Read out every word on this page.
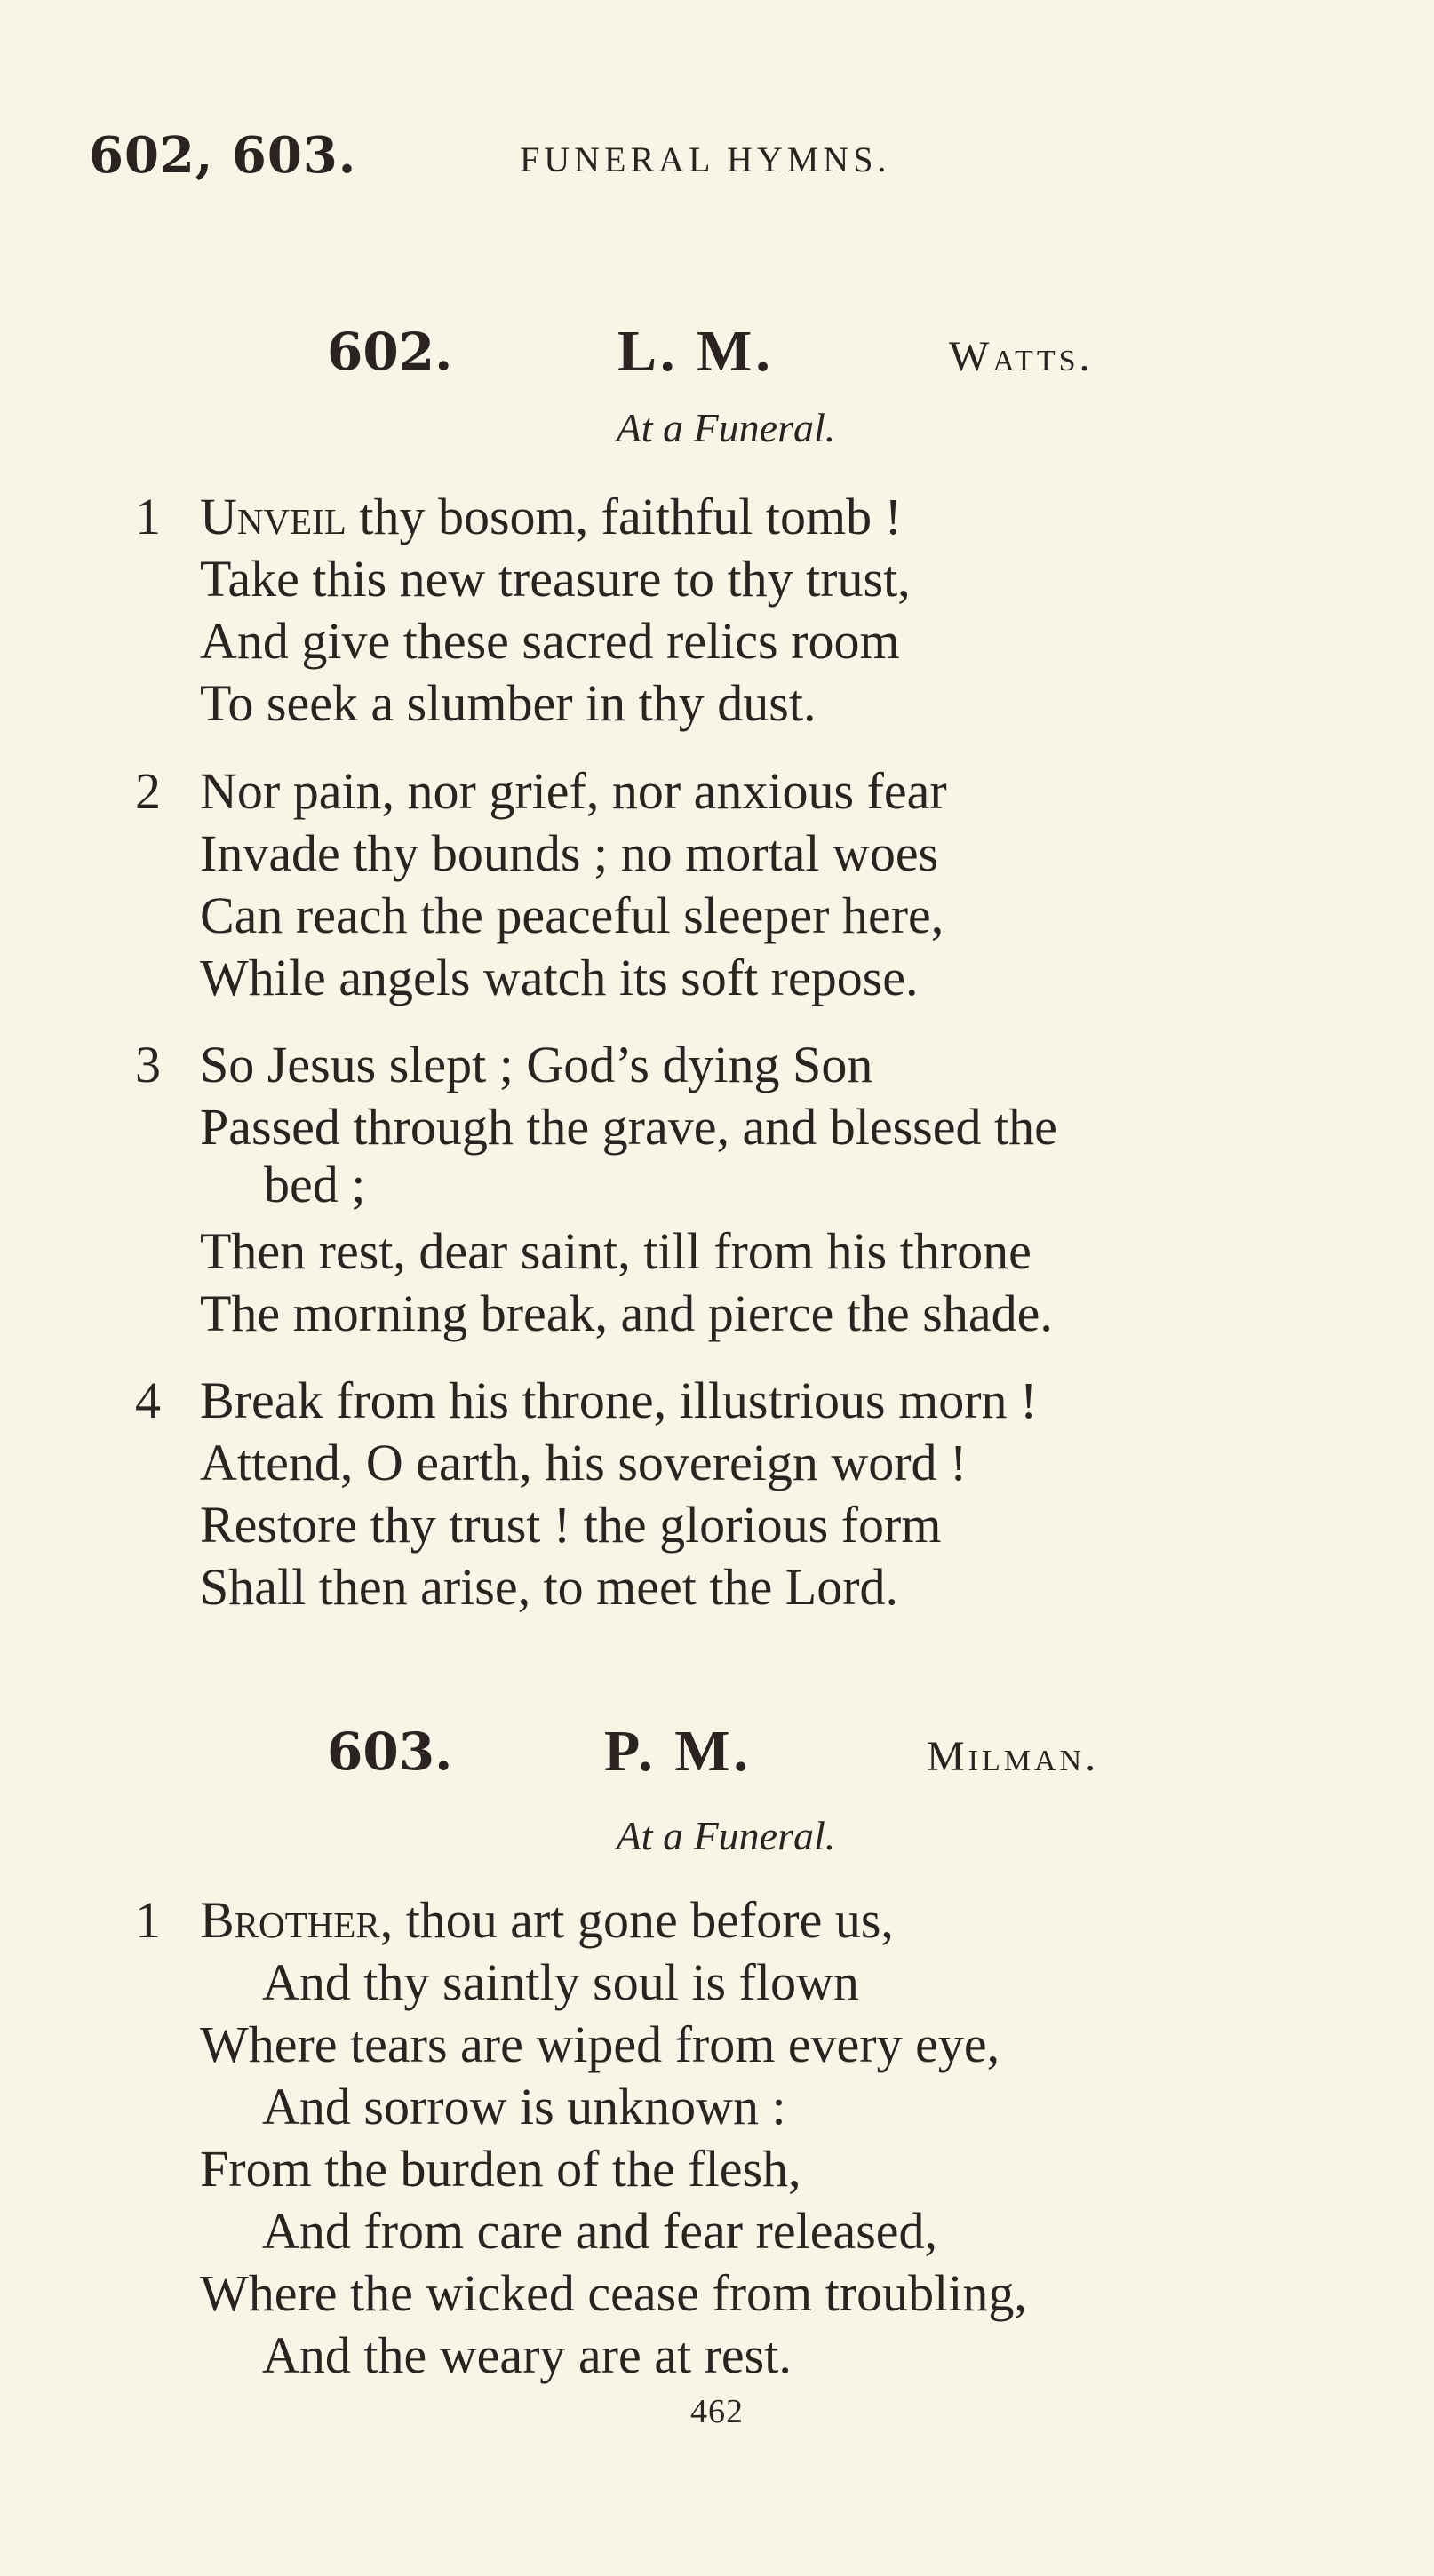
602, 603.	FUNERAL HYMNS.
602.	L. M.	Watts.
At a Funeral.
1 Unveil thy bosom, faithful tomb !
Take this new treasure to thy trust,
And give these sacred relics room
To seek a slumber in thy dust.
2 Nor pain, nor grief, nor anxious fear
Invade thy bounds ; no mortal woes
Can reach the peaceful sleeper here,
While angels watch its soft repose.
3 So Jesus slept ; God’s dying Son
Passed through the grave, and blessed the
bed ;
Then rest, dear saint, till from his throne
The morning break, and pierce the shade.
4 Break from his throne, illustrious morn !
Attend, O earth, his sovereign word !
Restore thy trust ! the glorious form
Shall then arise, to meet the Lord.
603.	P. M.	Milman.
At a Funeral.
1 Brother, thou art gone before us,
And thy saintly soul is flown
Where tears are wiped from every eye,
And sorrow is unknown :
From the burden of the flesh,
And from care and fear released,
Where the wicked cease from troubling,
And the weary are at rest.
462
